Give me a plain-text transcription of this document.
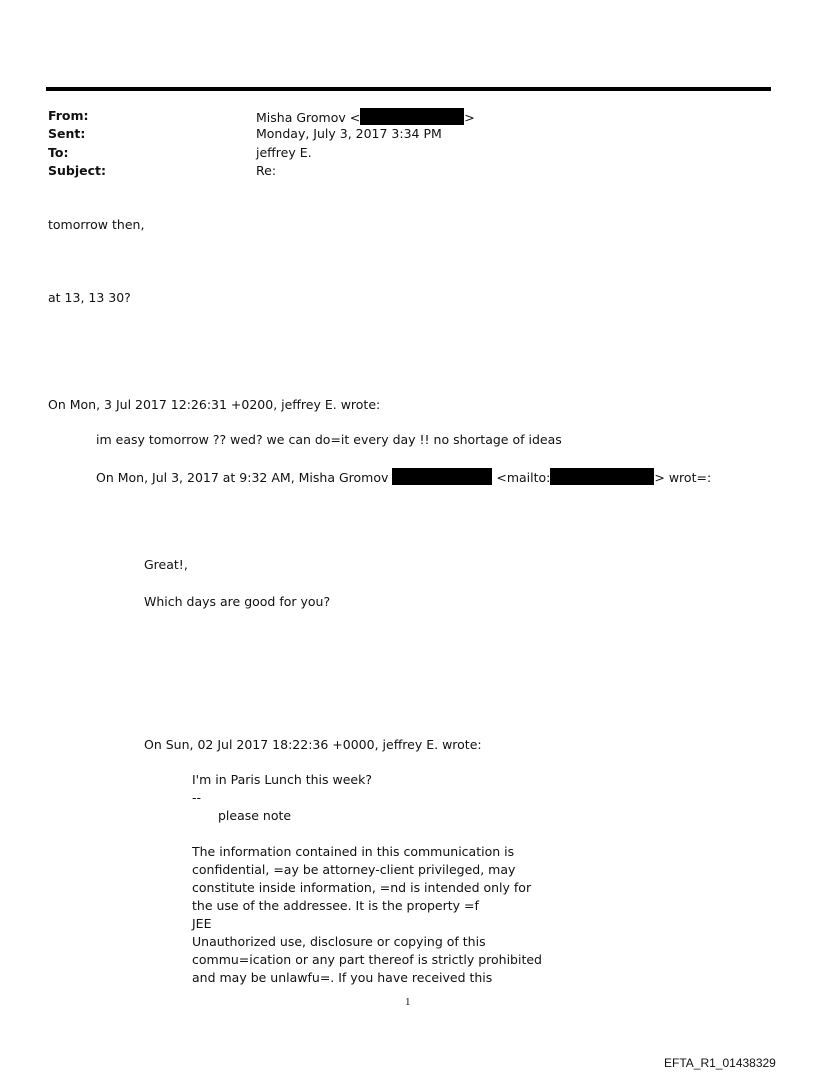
From:	Misha Gromov <	>
Sent:	Monday, July 3, 2017 3:34 PM
To:	jeffrey E.
Subject:	Re:
tomorrow then,
at 13, 13 30?
On Mon, 3 Jul 2017 12:26:31 +0200, jeffrey E. wrote:
im easy tomorrow ?? wed? we can do=it every day !! no shortage of ideas
On Mon, Jul 3, 2017 at 9:32 AM, Misha Gromov	<mailto:	> wrot=:
Great!,
Which days are good for you?
On Sun, 02 Jul 2017 18:22:36 +0000, jeffrey E. wrote:
I'm in Paris Lunch this week?
--
please note
The information contained in this communication is
confidential, =ay be attorney-client privileged, may
constitute inside information, =nd is intended only for
the use of the addressee. It is the property =f
JEE
Unauthorized use, disclosure or copying of this
commu=ication or any part thereof is strictly prohibited
and may be unlawfu=. If you have received this
1
EFTA_R1_01438329
